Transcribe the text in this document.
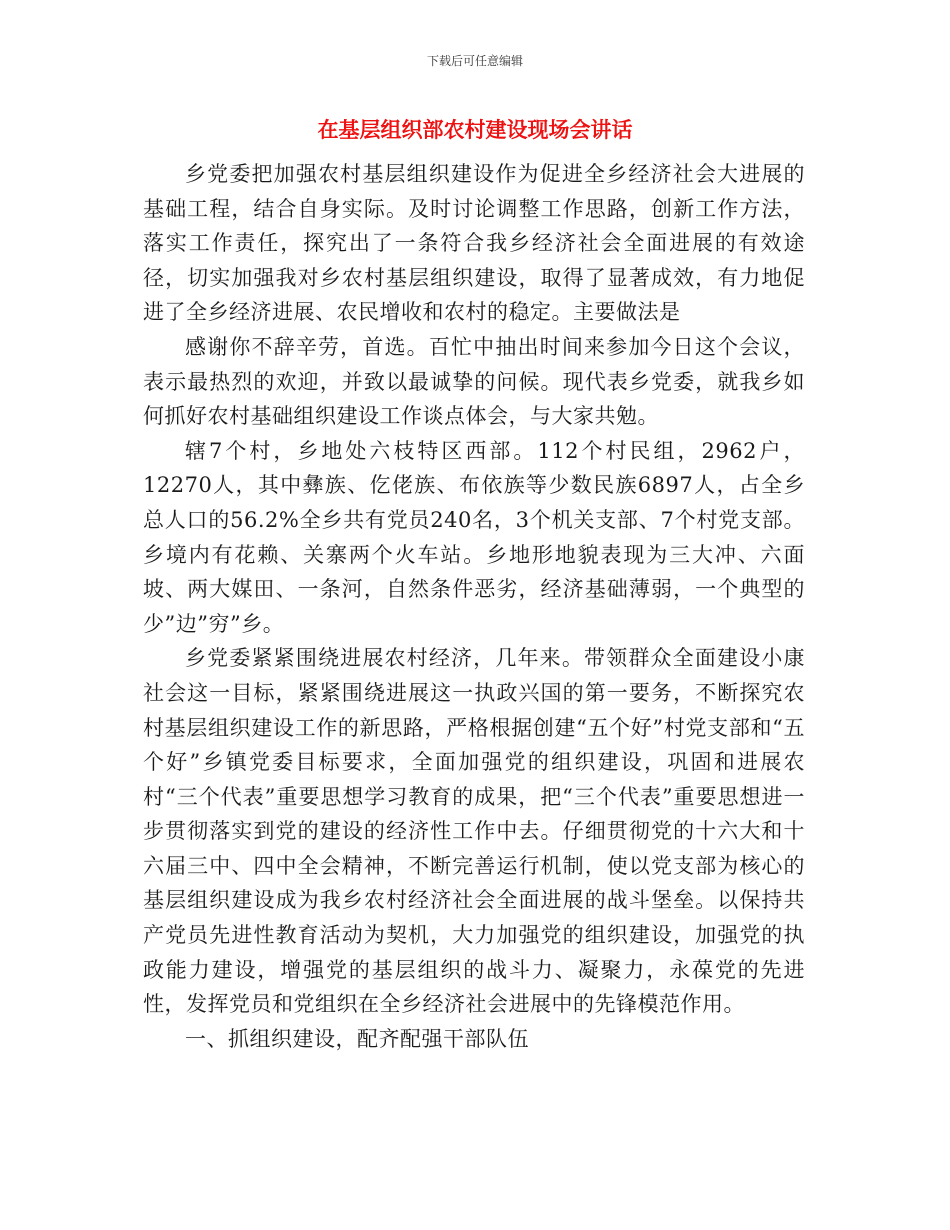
下载后可任意编辑
在基层组织部农村建设现场会讲话

乡党委把加强农村基层组织建设作为促进全乡经济社会大进展的基础工程，结合自身实际。及时讨论调整工作思路，创新工作方法，落实工作责任，探究出了一条符合我乡经济社会全面进展的有效途径，切实加强我对乡农村基层组织建设，取得了显著成效，有力地促进了全乡经济进展、农民增收和农村的稳定。主要做法是

感谢你不辞辛劳，首选。百忙中抽出时间来参加今日这个会议，表示最热烈的欢迎，并致以最诚挚的问候。现代表乡党委，就我乡如何抓好农村基础组织建设工作谈点体会，与大家共勉。

辖7个村，乡地处六枝特区西部。112个村民组，2962户，12270人，其中彝族、仡佬族、布依族等少数民族6897人，占全乡总人口的56.2%全乡共有党员240名，3个机关支部、7个村党支部。乡境内有花赖、关寨两个火车站。乡地形地貌表现为三大冲、六面坡、两大媒田、一条河，自然条件恶劣，经济基础薄弱，一个典型的少”边”穷”乡。

乡党委紧紧围绕进展农村经济，几年来。带领群众全面建设小康社会这一目标，紧紧围绕进展这一执政兴国的第一要务，不断探究农村基层组织建设工作的新思路，严格根据创建“五个好”村党支部和“五个好”乡镇党委目标要求，全面加强党的组织建设，巩固和进展农村“三个代表”重要思想学习教育的成果，把“三个代表”重要思想进一步贯彻落实到党的建设的经济性工作中去。仔细贯彻党的十六大和十六届三中、四中全会精神，不断完善运行机制，使以党支部为核心的基层组织建设成为我乡农村经济社会全面进展的战斗堡垒。以保持共产党员先进性教育活动为契机，大力加强党的组织建设，加强党的执政能力建设，增强党的基层组织的战斗力、凝聚力，永葆党的先进性，发挥党员和党组织在全乡经济社会进展中的先锋模范作用。

一、抓组织建设，配齐配强干部队伍
